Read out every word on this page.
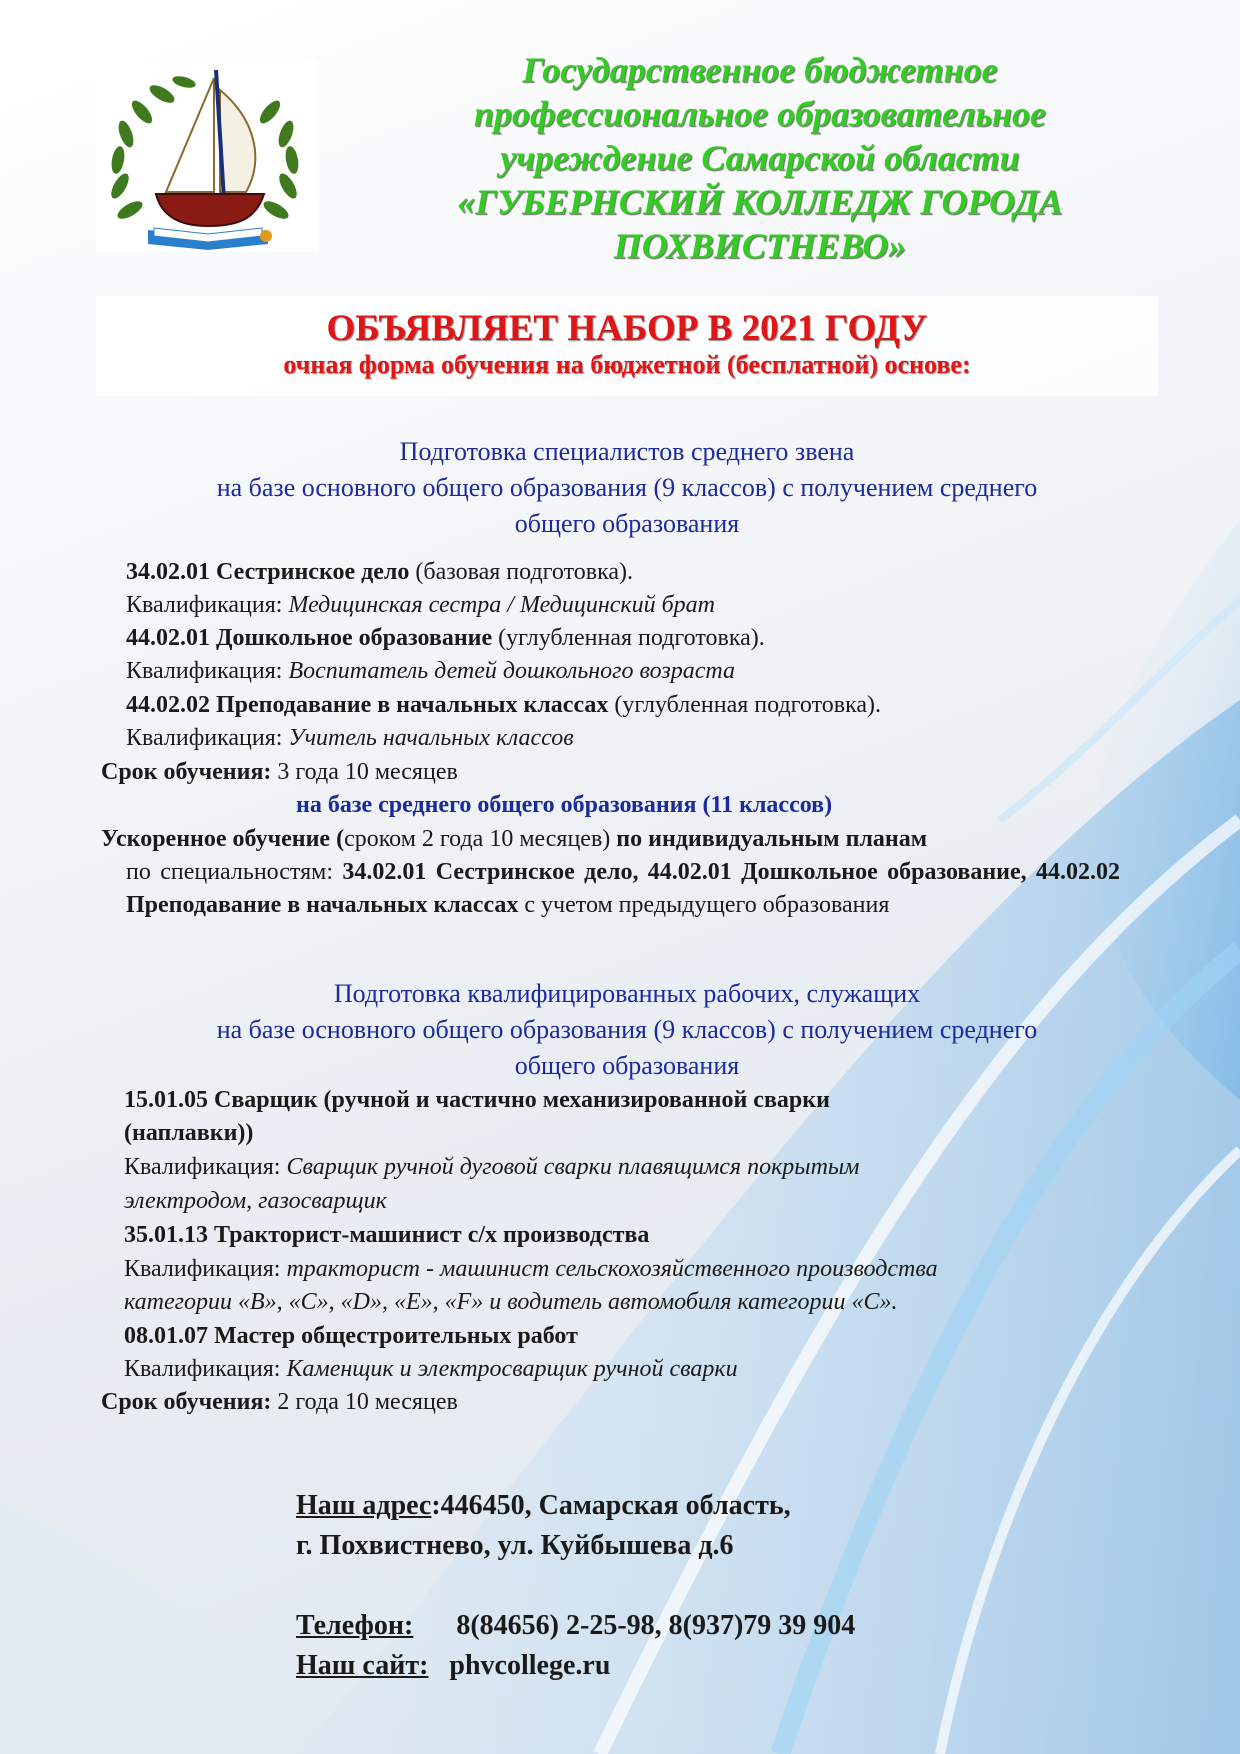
Государственное бюджетное
профессиональное образовательное
учреждение Самарской области
«ГУБЕРНСКИЙ КОЛЛЕДЖ ГОРОДА
ПОХВИСТНЕВО»
ОБЪЯВЛЯЕТ НАБОР В 2021 ГОДУ
очная форма обучения на бюджетной (бесплатной) основе:
Подготовка специалистов среднего звена
на базе основного общего образования (9 классов) с получением среднего
общего образования
34.02.01 Сестринское дело (базовая подготовка).
Квалификация: Медицинская сестра / Медицинский брат
44.02.01 Дошкольное образование (углубленная подготовка).
Квалификация: Воспитатель детей дошкольного возраста
44.02.02 Преподавание в начальных классах (углубленная подготовка).
Квалификация: Учитель начальных классов
Срок обучения: 3 года 10 месяцев
на базе среднего общего образования (11 классов)
Ускоренное обучение (сроком 2 года 10 месяцев) по индивидуальным планам
по специальностям: 34.02.01 Сестринское дело, 44.02.01 Дошкольное образование, 44.02.02 Преподавание в начальных классах с учетом предыдущего образования
Подготовка квалифицированных рабочих, служащих
на базе основного общего образования (9 классов) с получением среднего
общего образования
15.01.05 Сварщик (ручной и частично механизированной сварки
(наплавки))
Квалификация: Сварщик ручной дуговой сварки плавящимся покрытым
электродом, газосварщик
35.01.13 Тракторист-машинист с/х производства
Квалификация: тракторист - машинист сельскохозяйственного производства
категории «В», «С», «D», «Е», «F» и водитель автомобиля категории «С».
08.01.07 Мастер общестроительных работ
Квалификация: Каменщик и электросварщик ручной сварки
Срок обучения: 2 года 10 месяцев
Наш адрес:446450, Самарская область,
г. Похвистнево, ул. Куйбышева д.6
Телефон: 8(84656) 2-25-98, 8(937)79 39 904
Наш сайт: phvcollege.ru
